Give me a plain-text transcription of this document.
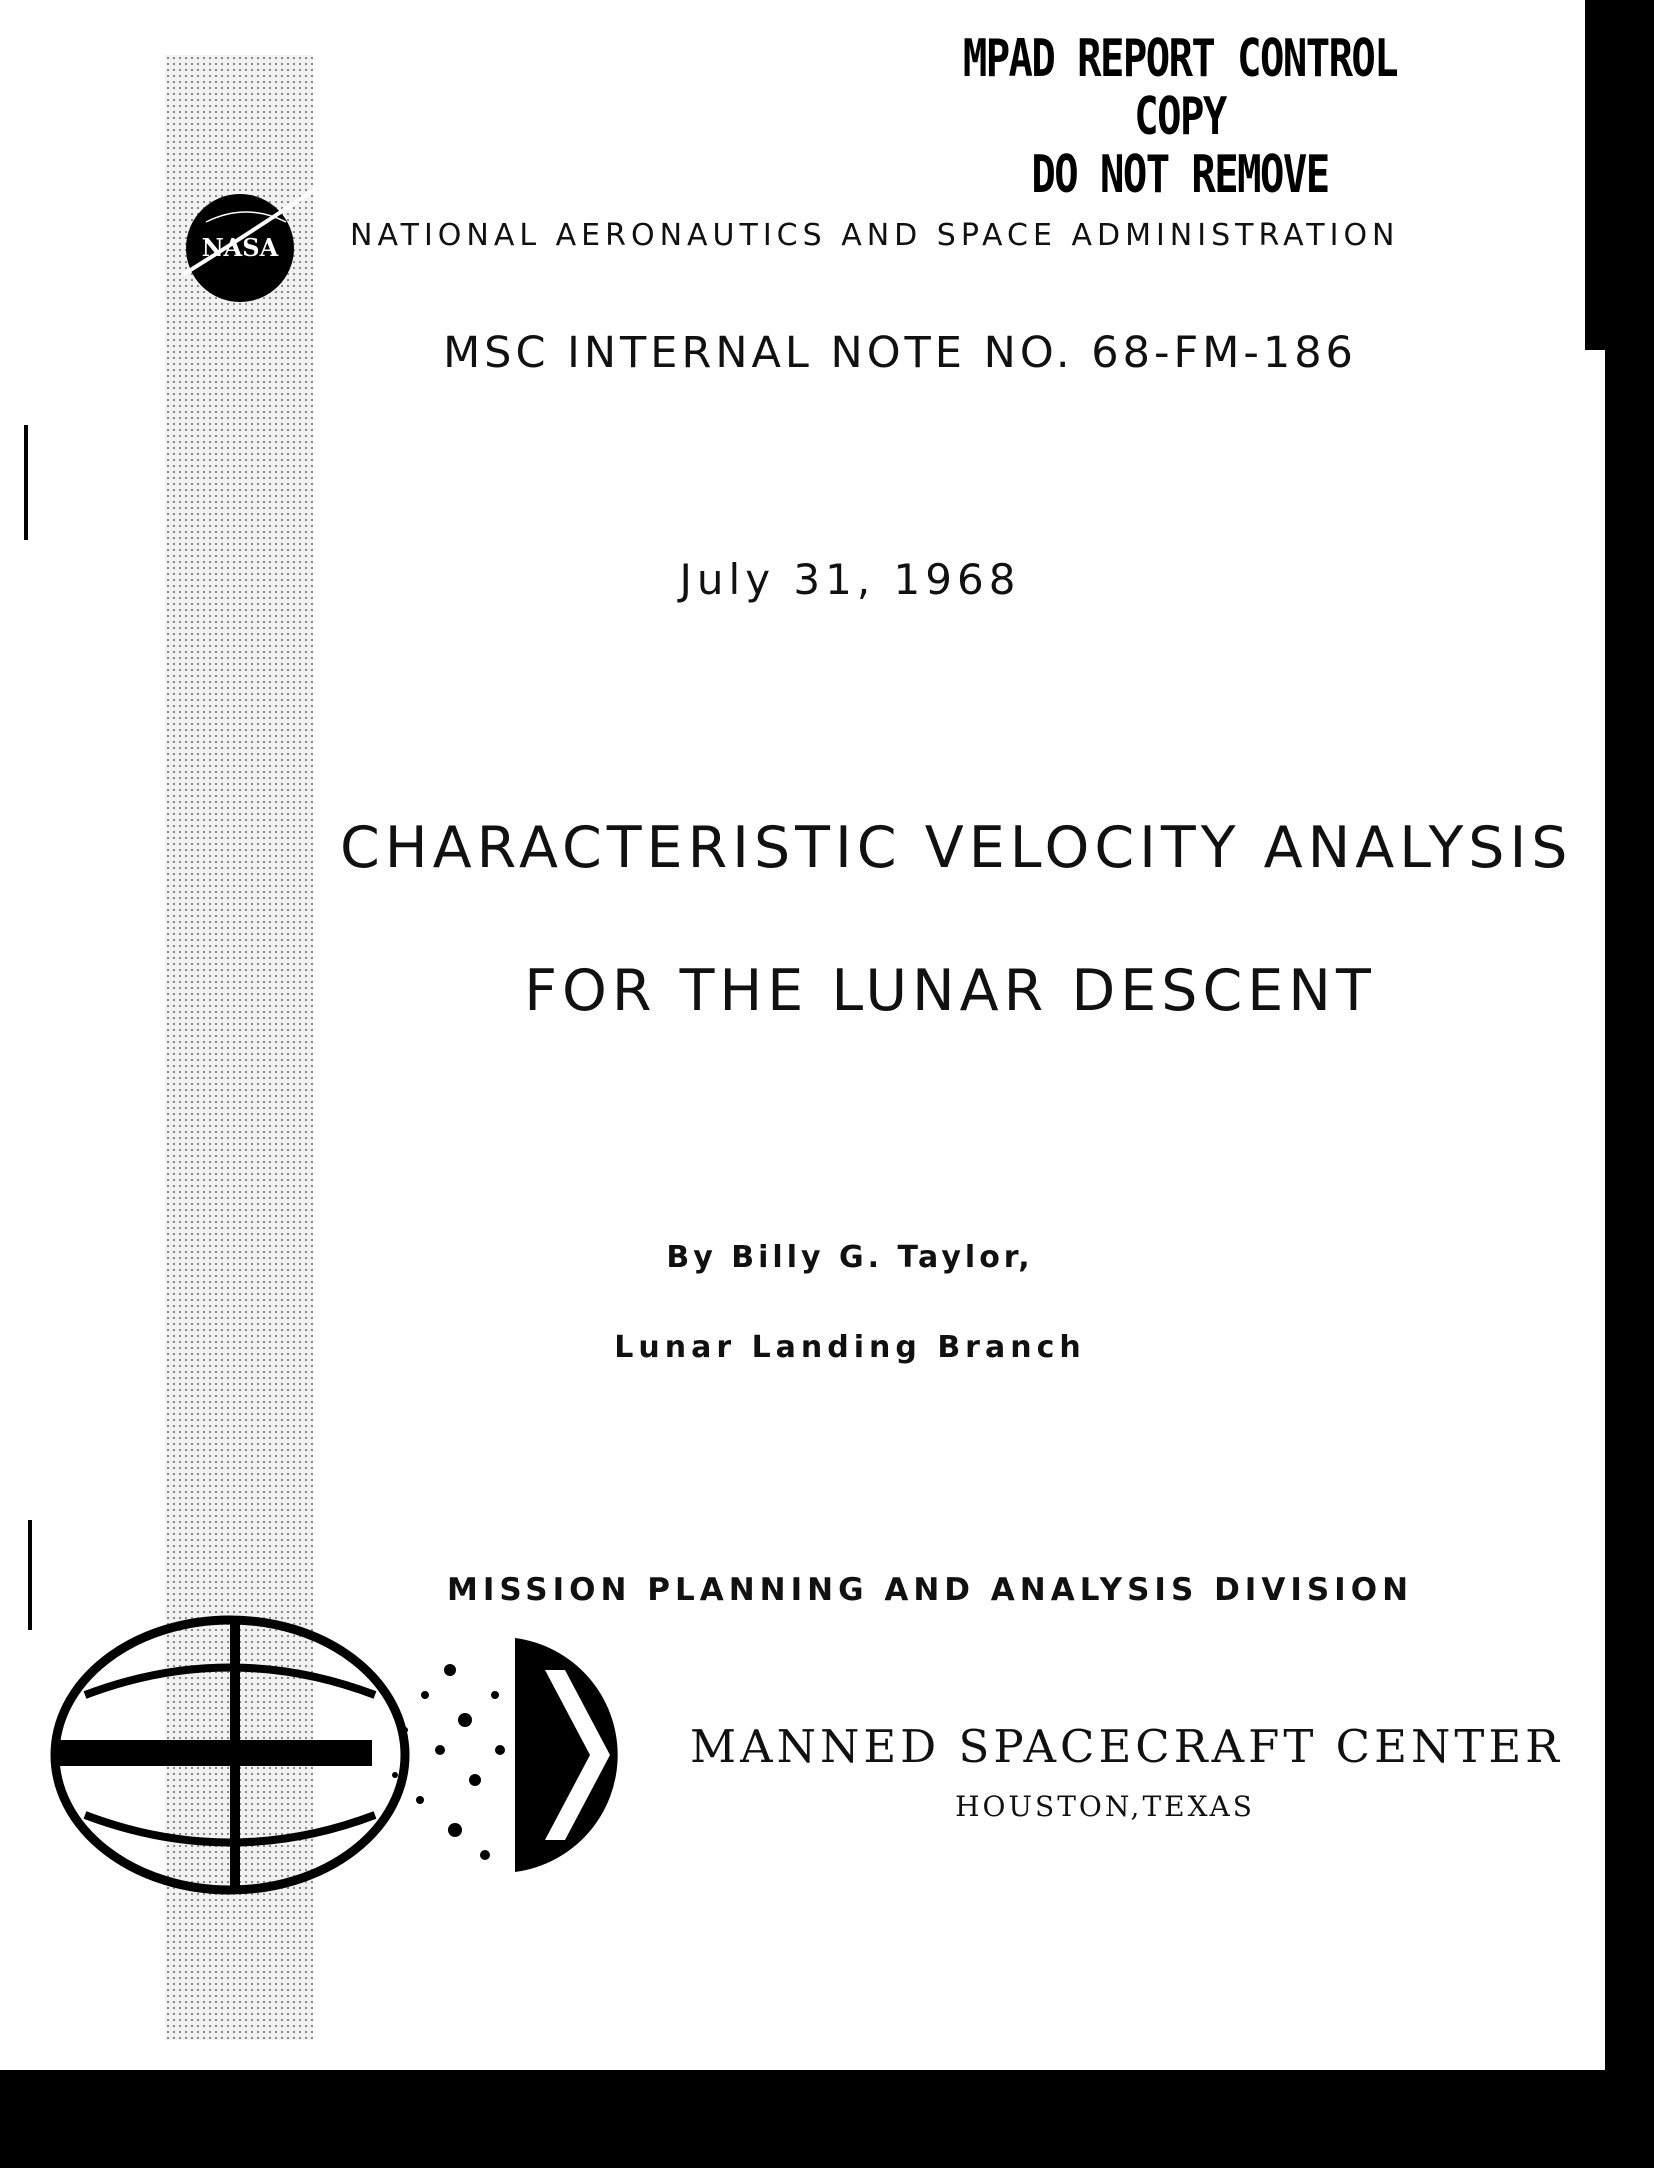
MPAD REPORT CONTROL
COPY
DO NOT REMOVE
NASA NATIONAL AERONAUTICS AND SPACE ADMINISTRATION
MSC INTERNAL NOTE NO. 68-FM-186
July 31, 1968
CHARACTERISTIC VELOCITY ANALYSIS
FOR THE LUNAR DESCENT
By Billy G. Taylor,
Lunar Landing Branch
MISSION PLANNING AND ANALYSIS DIVISION
MANNED SPACECRAFT CENTER
HOUSTON,TEXAS
